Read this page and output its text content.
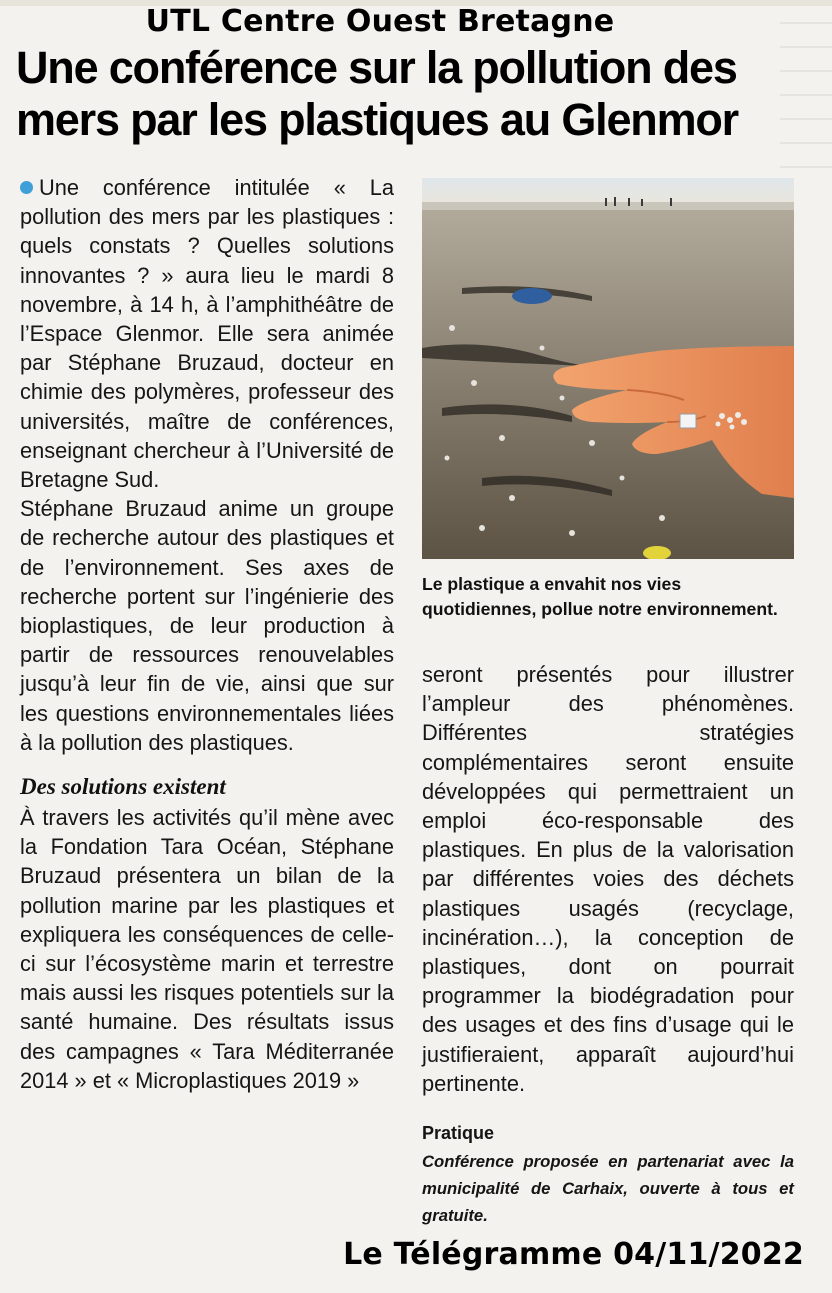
UTL Centre Ouest Bretagne
Une conférence sur la pollution des mers par les plastiques au Glenmor

Une conférence intitulée « La pollution des mers par les plastiques : quels constats ? Quelles solutions innovantes ? » aura lieu le mardi 8 novembre, à 14 h, à l’amphithéâtre de l’Espace Glenmor. Elle sera animée par Stéphane Bruzaud, docteur en chimie des polymères, professeur des universités, maître de conférences, enseignant chercheur à l’Université de Bretagne Sud.

Stéphane Bruzaud anime un groupe de recherche autour des plastiques et de l’environnement. Ses axes de recherche portent sur l’ingénierie des bioplastiques, de leur production à partir de ressources renouvelables jusqu’à leur fin de vie, ainsi que sur les questions environnementales liées à la pollution des plastiques.

Des solutions existent

À travers les activités qu’il mène avec la Fondation Tara Océan, Stéphane Bruzaud présentera un bilan de la pollution marine par les plastiques et expliquera les conséquences de celle-ci sur l’écosystème marin et terrestre mais aussi les risques potentiels sur la santé humaine. Des résultats issus des campagnes « Tara Méditerranée 2014 » et « Microplastiques 2019 »

Le plastique a envahit nos vies quotidiennes, pollue notre environnement.

seront présentés pour illustrer l’ampleur des phénomènes. Différentes stratégies complémentaires seront ensuite développées qui permettraient un emploi éco-responsable des plastiques. En plus de la valorisation par différentes voies des déchets plastiques usagés (recyclage, incinération…), la conception de plastiques, dont on pourrait programmer la biodégradation pour des usages et des fins d’usage qui le justifieraient, apparaît aujourd’hui pertinente.

Pratique

Conférence proposée en partenariat avec la municipalité de Carhaix, ouverte à tous et gratuite.

Le Télégramme 04/11/2022
